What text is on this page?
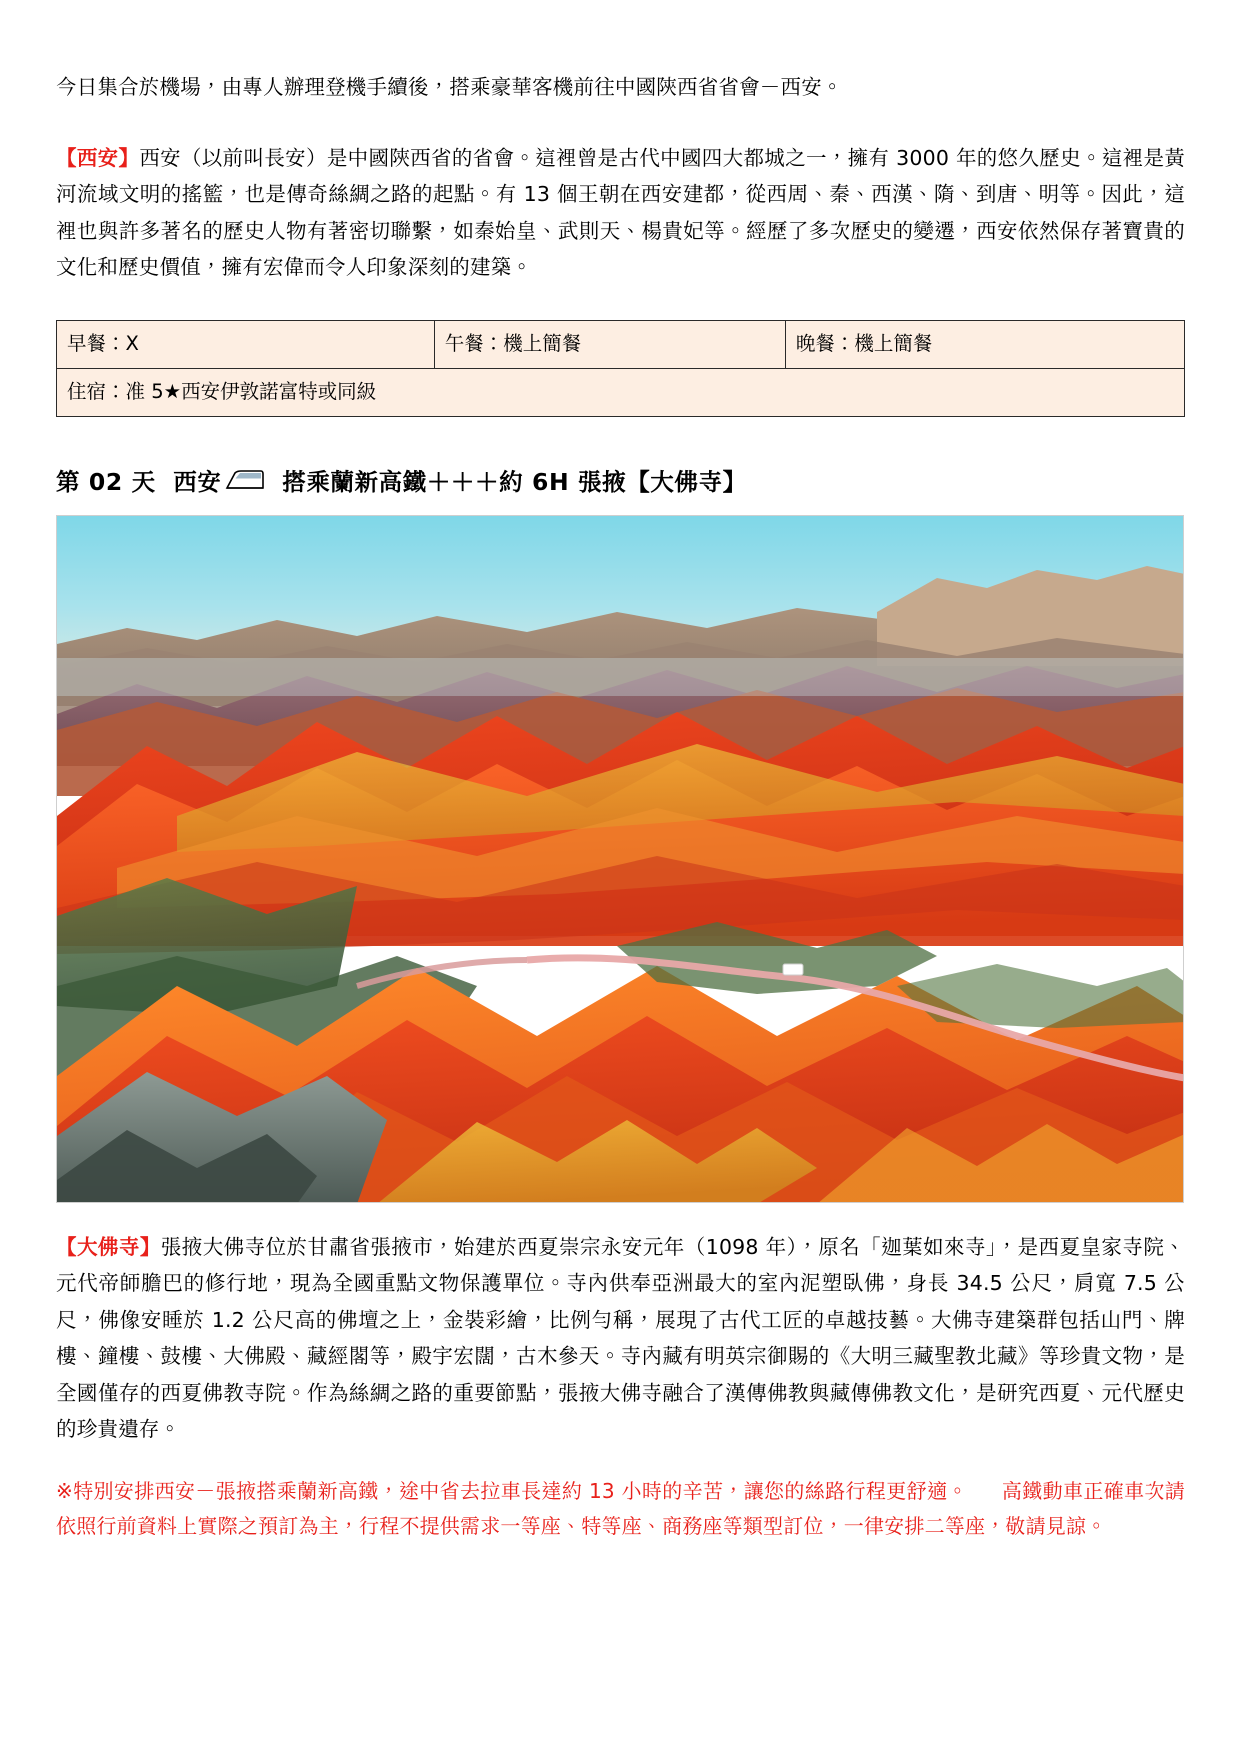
今日集合於機場，由專人辦理登機手續後，搭乘豪華客機前往中國陝西省省會－西安。

【西安】西安（以前叫長安）是中國陝西省的省會。這裡曾是古代中國四大都城之一，擁有 3000 年的悠久歷史。這裡是黃河流域文明的搖籃，也是傳奇絲綢之路的起點。有 13 個王朝在西安建都，從西周、秦、西漢、隋、到唐、明等。因此，這裡也與許多著名的歷史人物有著密切聯繫，如秦始皇、武則天、楊貴妃等。經歷了多次歷史的變遷，西安依然保存著寶貴的文化和歷史價值，擁有宏偉而令人印象深刻的建築。

早餐：X	午餐：機上簡餐	晚餐：機上簡餐
住宿：准 5★西安伊敦諾富特或同級
第 02 天  西安 搭乘蘭新高鐵＋＋＋約 6H 張掖【大佛寺】

【大佛寺】張掖大佛寺位於甘肅省張掖市，始建於西夏崇宗永安元年（1098 年），原名「迦葉如來寺」，是西夏皇家寺院、元代帝師膽巴的修行地，現為全國重點文物保護單位。寺內供奉亞洲最大的室內泥塑臥佛，身長 34.5 公尺，肩寬 7.5 公尺，佛像安睡於 1.2 公尺高的佛壇之上，金裝彩繪，比例勻稱，展現了古代工匠的卓越技藝。大佛寺建築群包括山門、牌樓、鐘樓、鼓樓、大佛殿、藏經閣等，殿宇宏闊，古木參天。寺內藏有明英宗御賜的《大明三藏聖教北藏》等珍貴文物，是全國僅存的西夏佛教寺院。作為絲綢之路的重要節點，張掖大佛寺融合了漢傳佛教與藏傳佛教文化，是研究西夏、元代歷史的珍貴遺存。

※特別安排西安－張掖搭乘蘭新高鐵，途中省去拉車長達約 13 小時的辛苦，讓您的絲路行程更舒適。 高鐵動車正確車次請依照行前資料上實際之預訂為主，行程不提供需求一等座、特等座、商務座等類型訂位，一律安排二等座，敬請見諒。
